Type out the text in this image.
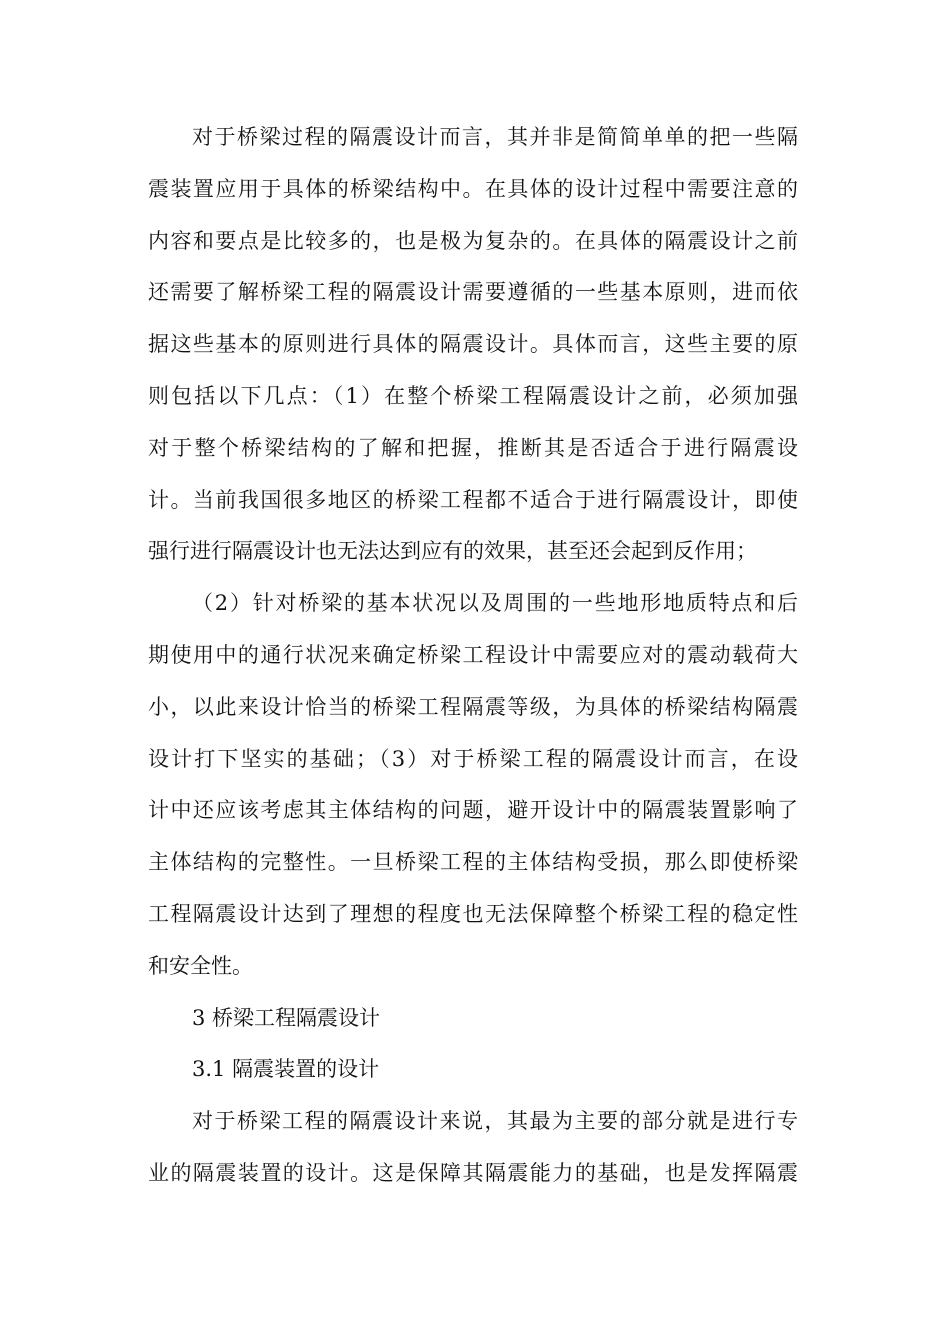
对于桥梁过程的隔震设计而言，其并非是简简单单的把一些隔
震装置应用于具体的桥梁结构中。在具体的设计过程中需要注意的
内容和要点是比较多的，也是极为复杂的。在具体的隔震设计之前
还需要了解桥梁工程的隔震设计需要遵循的一些基本原则，进而依
据这些基本的原则进行具体的隔震设计。具体而言，这些主要的原
则包括以下几点：（1）在整个桥梁工程隔震设计之前，必须加强
对于整个桥梁结构的了解和把握，推断其是否适合于进行隔震设
计。当前我国很多地区的桥梁工程都不适合于进行隔震设计，即使
强行进行隔震设计也无法达到应有的效果，甚至还会起到反作用；
（2）针对桥梁的基本状况以及周围的一些地形地质特点和后
期使用中的通行状况来确定桥梁工程设计中需要应对的震动载荷大
小，以此来设计恰当的桥梁工程隔震等级，为具体的桥梁结构隔震
设计打下坚实的基础；（3）对于桥梁工程的隔震设计而言，在设
计中还应该考虑其主体结构的问题，避开设计中的隔震装置影响了
主体结构的完整性。一旦桥梁工程的主体结构受损，那么即使桥梁
工程隔震设计达到了理想的程度也无法保障整个桥梁工程的稳定性
和安全性。

3 桥梁工程隔震设计

3.1 隔震装置的设计

对于桥梁工程的隔震设计来说，其最为主要的部分就是进行专
业的隔震装置的设计。这是保障其隔震能力的基础，也是发挥隔震
